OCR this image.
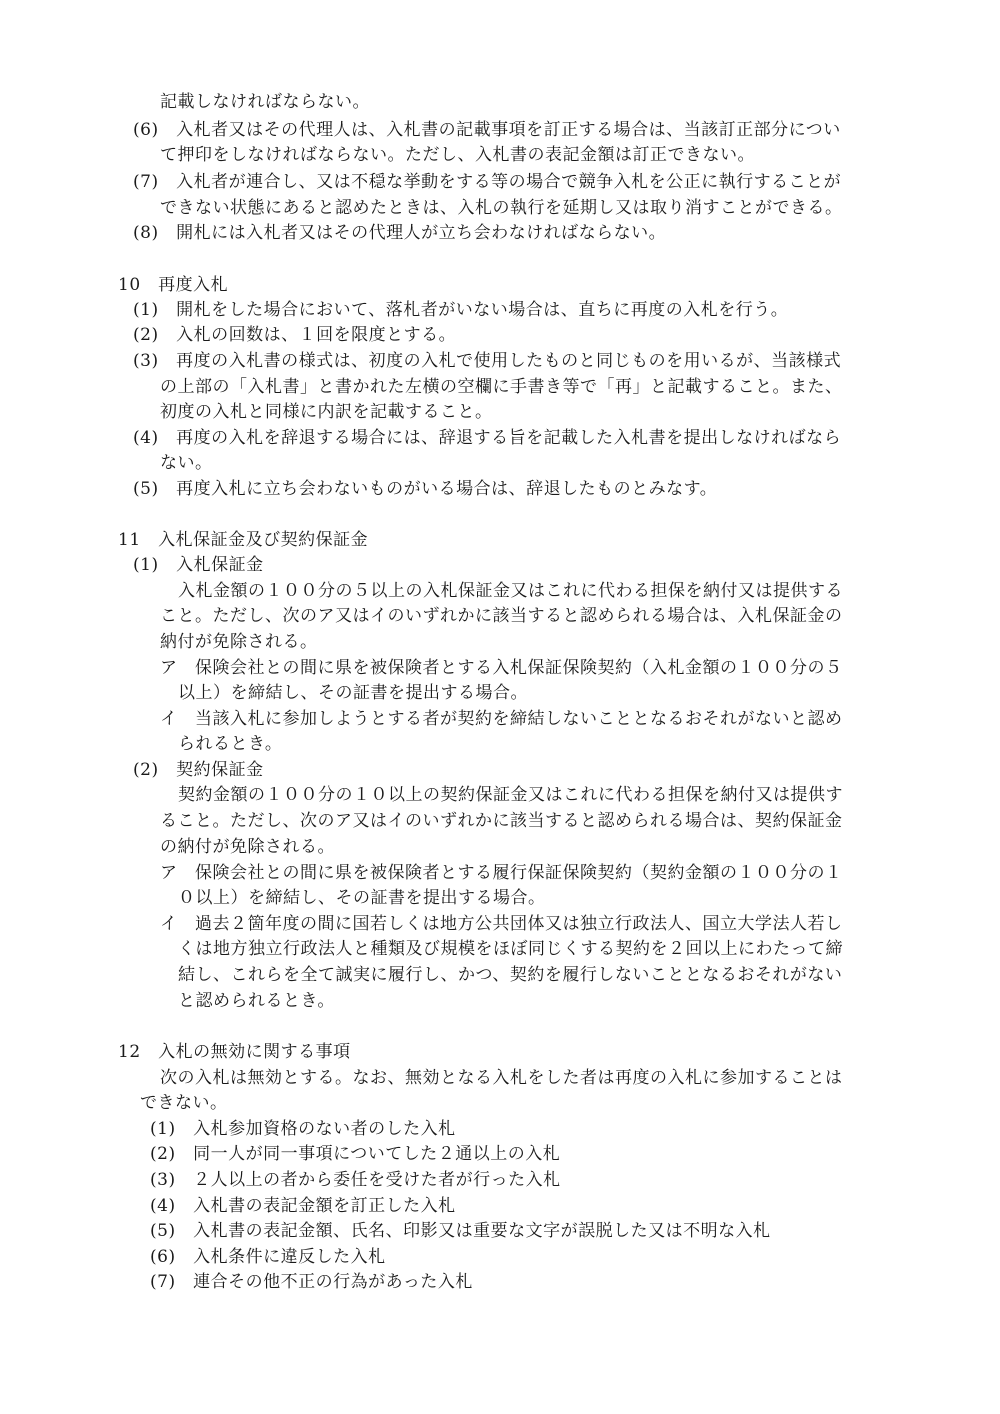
記載しなければならない。
(6)　入札者又はその代理人は、入札書の記載事項を訂正する場合は、当該訂正部分につい
て押印をしなければならない。ただし、入札書の表記金額は訂正できない。
(7)　入札者が連合し、又は不穏な挙動をする等の場合で競争入札を公正に執行することが
できない状態にあると認めたときは、入札の執行を延期し又は取り消すことができる。
(8)　開札には入札者又はその代理人が立ち会わなければならない。
10　再度入札
(1)　開札をした場合において、落札者がいない場合は、直ちに再度の入札を行う。
(2)　入札の回数は、１回を限度とする。
(3)　再度の入札書の様式は、初度の入札で使用したものと同じものを用いるが、当該様式
の上部の「入札書」と書かれた左横の空欄に手書き等で「再」と記載すること。また、
初度の入札と同様に内訳を記載すること。
(4)　再度の入札を辞退する場合には、辞退する旨を記載した入札書を提出しなければなら
ない。
(5)　再度入札に立ち会わないものがいる場合は、辞退したものとみなす。
11　入札保証金及び契約保証金
(1)　入札保証金
入札金額の１００分の５以上の入札保証金又はこれに代わる担保を納付又は提供する
こと。ただし、次のア又はイのいずれかに該当すると認められる場合は、入札保証金の
納付が免除される。
ア　保険会社との間に県を被保険者とする入札保証保険契約（入札金額の１００分の５
以上）を締結し、その証書を提出する場合。
イ　当該入札に参加しようとする者が契約を締結しないこととなるおそれがないと認め
られるとき。
(2)　契約保証金
契約金額の１００分の１０以上の契約保証金又はこれに代わる担保を納付又は提供す
ること。ただし、次のア又はイのいずれかに該当すると認められる場合は、契約保証金
の納付が免除される。
ア　保険会社との間に県を被保険者とする履行保証保険契約（契約金額の１００分の１
０以上）を締結し、その証書を提出する場合。
イ　過去２箇年度の間に国若しくは地方公共団体又は独立行政法人、国立大学法人若し
くは地方独立行政法人と種類及び規模をほぼ同じくする契約を２回以上にわたって締
結し、これらを全て誠実に履行し、かつ、契約を履行しないこととなるおそれがない
と認められるとき。
12　入札の無効に関する事項
次の入札は無効とする。なお、無効となる入札をした者は再度の入札に参加することは
できない。
(1)　入札参加資格のない者のした入札
(2)　同一人が同一事項についてした２通以上の入札
(3)　２人以上の者から委任を受けた者が行った入札
(4)　入札書の表記金額を訂正した入札
(5)　入札書の表記金額、氏名、印影又は重要な文字が誤脱した又は不明な入札
(6)　入札条件に違反した入札
(7)　連合その他不正の行為があった入札
